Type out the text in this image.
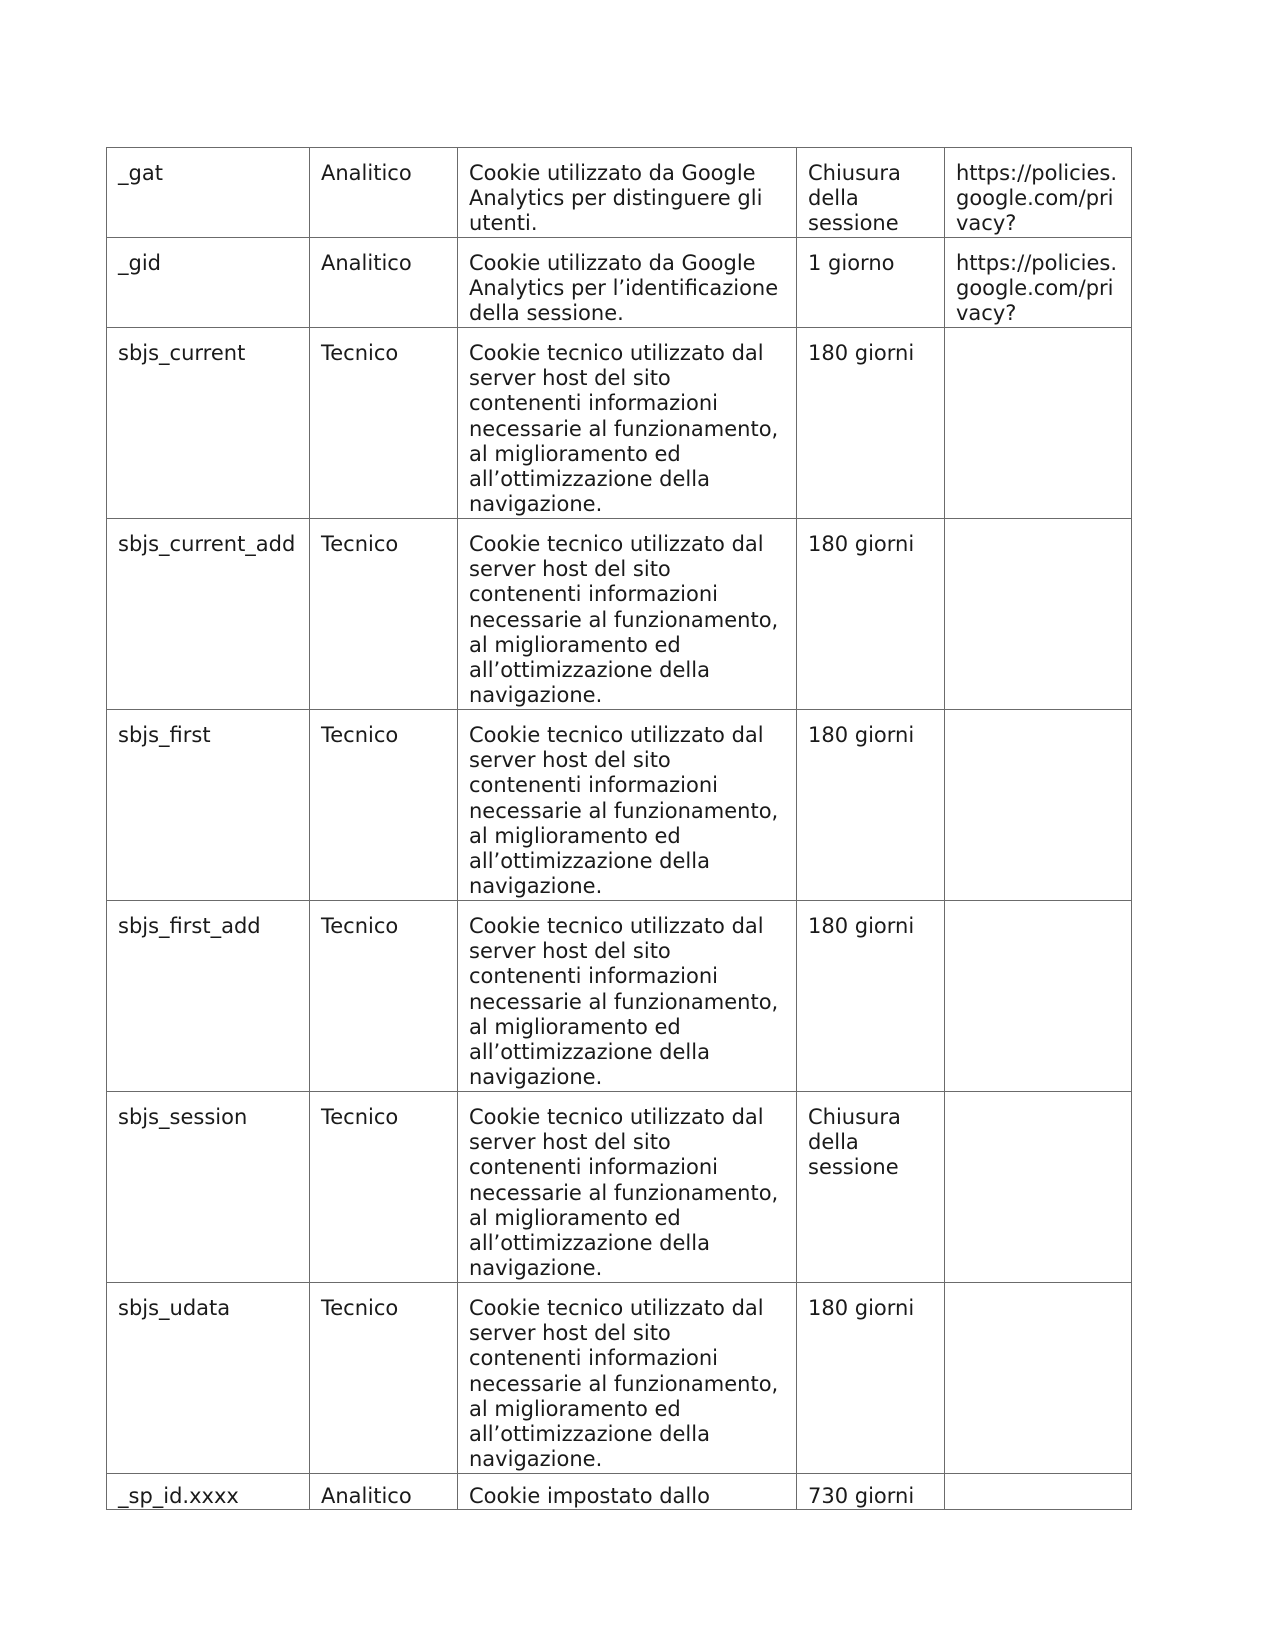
_gat	Analitico	Cookie utilizzato da Google Analytics per distinguere gli utenti.	Chiusura della sessione	https://policies.google.com/privacy?
_gid	Analitico	Cookie utilizzato da Google Analytics per l’identificazione della sessione.	1 giorno	https://policies.google.com/privacy?
sbjs_current	Tecnico	Cookie tecnico utilizzato dal server host del sito contenenti informazioni necessarie al funzionamento, al miglioramento ed all’ottimizzazione della navigazione.	180 giorni	
sbjs_current_add	Tecnico	Cookie tecnico utilizzato dal server host del sito contenenti informazioni necessarie al funzionamento, al miglioramento ed all’ottimizzazione della navigazione.	180 giorni	
sbjs_first	Tecnico	Cookie tecnico utilizzato dal server host del sito contenenti informazioni necessarie al funzionamento, al miglioramento ed all’ottimizzazione della navigazione.	180 giorni	
sbjs_first_add	Tecnico	Cookie tecnico utilizzato dal server host del sito contenenti informazioni necessarie al funzionamento, al miglioramento ed all’ottimizzazione della navigazione.	180 giorni	
sbjs_session	Tecnico	Cookie tecnico utilizzato dal server host del sito contenenti informazioni necessarie al funzionamento, al miglioramento ed all’ottimizzazione della navigazione.	Chiusura della sessione	
sbjs_udata	Tecnico	Cookie tecnico utilizzato dal server host del sito contenenti informazioni necessarie al funzionamento, al miglioramento ed all’ottimizzazione della navigazione.	180 giorni	
_sp_id.xxxx	Analitico	Cookie impostato dallo	730 giorni	
